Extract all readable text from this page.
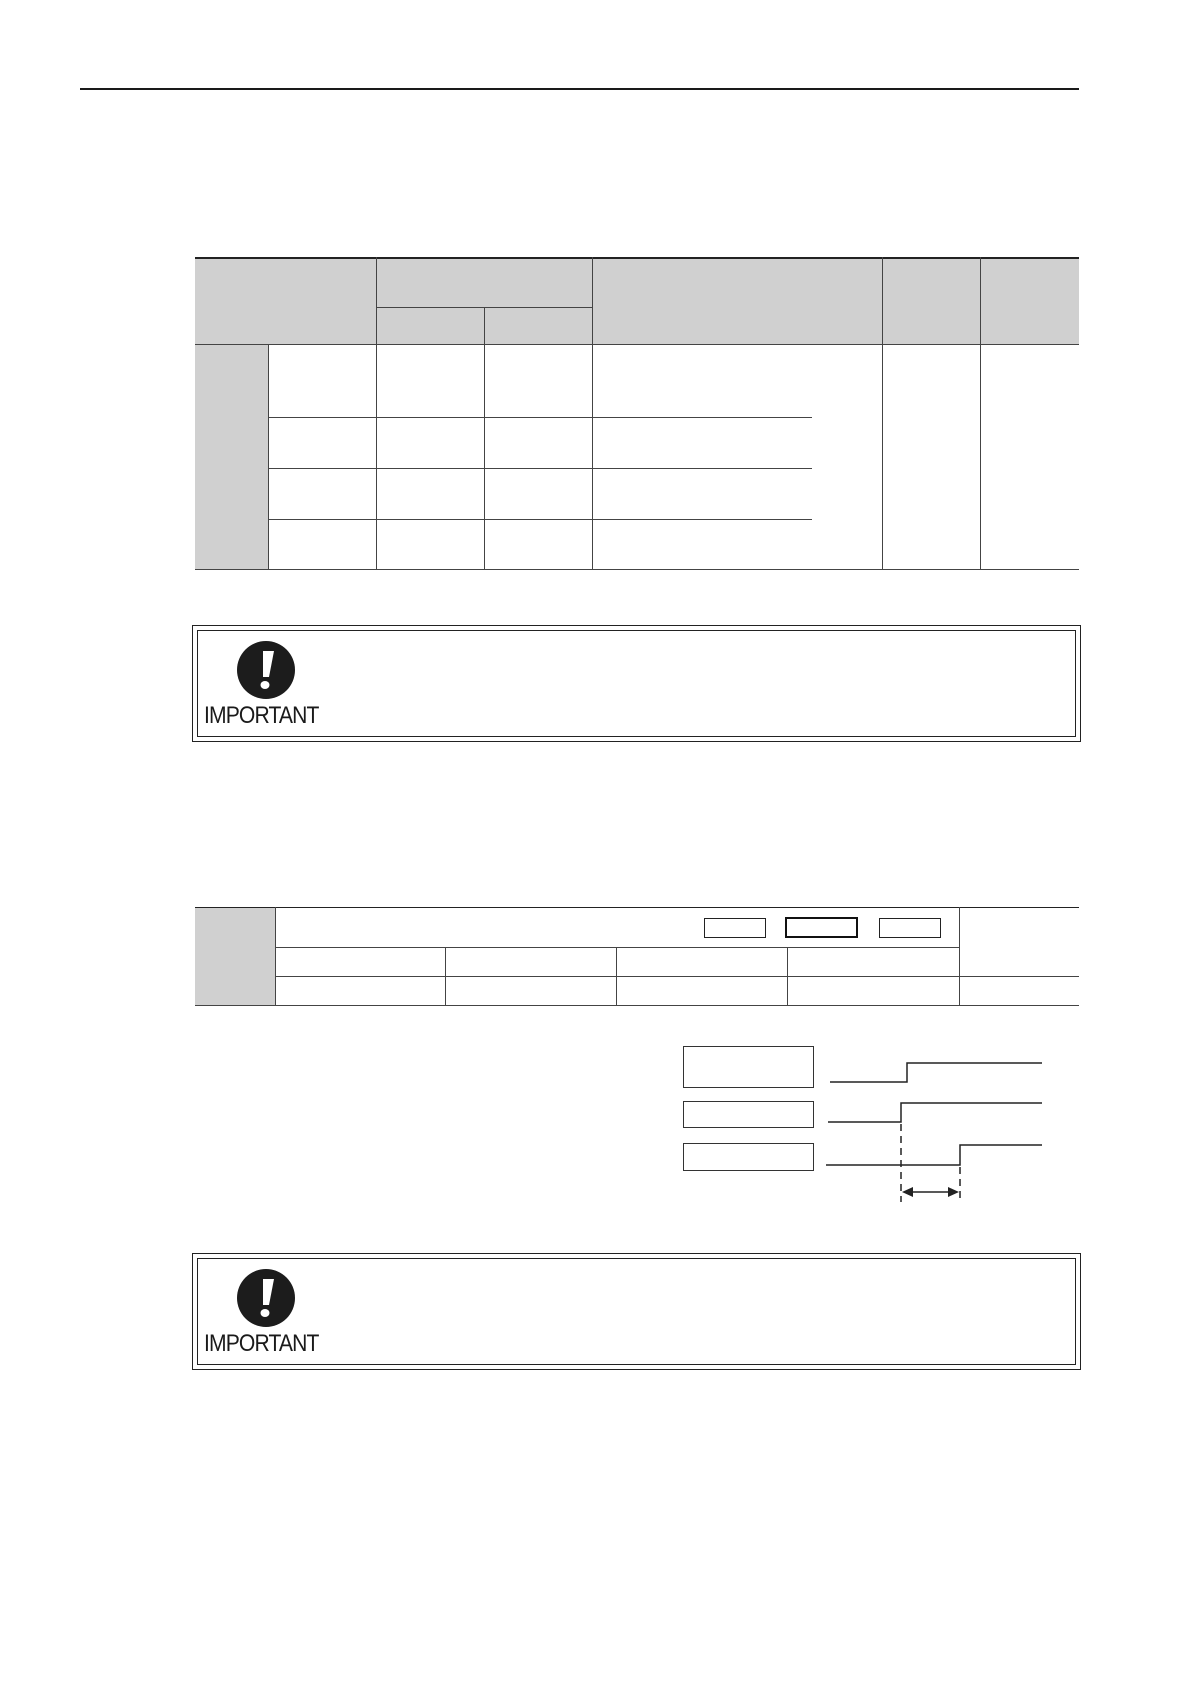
IMPORTANT
IMPORTANT
